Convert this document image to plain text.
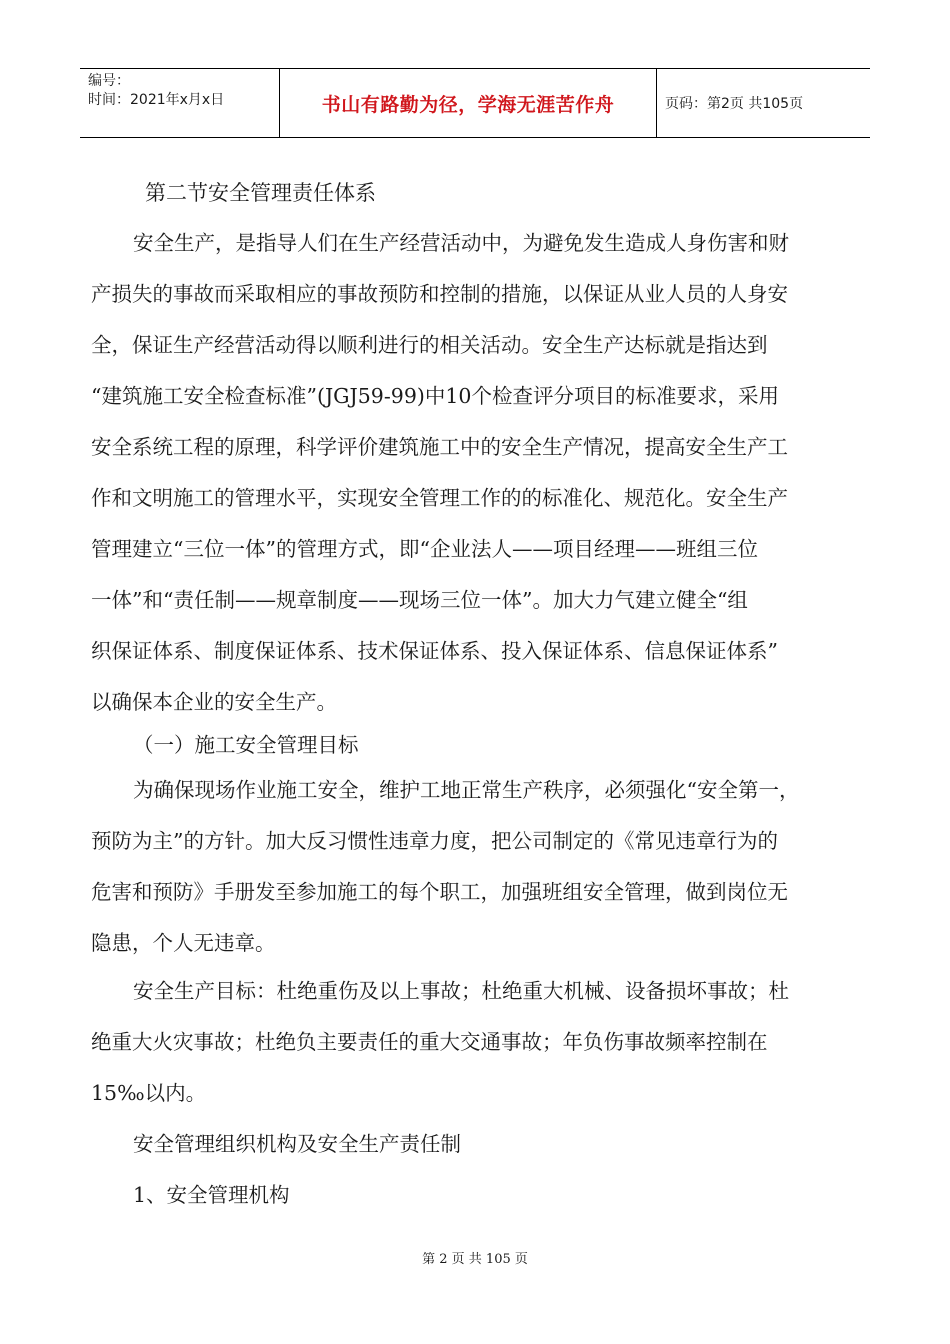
编号：
时间：2021年x月x日	书山有路勤为径，学海无涯苦作舟	页码：第2页 共105页
第二节安全管理责任体系
安全生产，是指导人们在生产经营活动中，为避免发生造成人身伤害和财
产损失的事故而采取相应的事故预防和控制的措施，以保证从业人员的人身安
全，保证生产经营活动得以顺利进行的相关活动。安全生产达标就是指达到
“建筑施工安全检查标准”(JGJ59-99)中10个检查评分项目的标准要求，采用
安全系统工程的原理，科学评价建筑施工中的安全生产情况，提高安全生产工
作和文明施工的管理水平，实现安全管理工作的的标准化、规范化。安全生产
管理建立“三位一体”的管理方式，即“企业法人——项目经理——班组三位
一体”和“责任制——规章制度——现场三位一体”。加大力气建立健全“组
织保证体系、制度保证体系、技术保证体系、投入保证体系、信息保证体系”
以确保本企业的安全生产。
（一）施工安全管理目标
为确保现场作业施工安全，维护工地正常生产秩序，必须强化“安全第一，
预防为主”的方针。加大反习惯性违章力度，把公司制定的《常见违章行为的
危害和预防》手册发至参加施工的每个职工，加强班组安全管理，做到岗位无
隐患，个人无违章。
安全生产目标：杜绝重伤及以上事故；杜绝重大机械、设备损坏事故；杜
绝重大火灾事故；杜绝负主要责任的重大交通事故；年负伤事故频率控制在
15‰以内。
安全管理组织机构及安全生产责任制
1、安全管理机构
第 2 页 共 105 页
